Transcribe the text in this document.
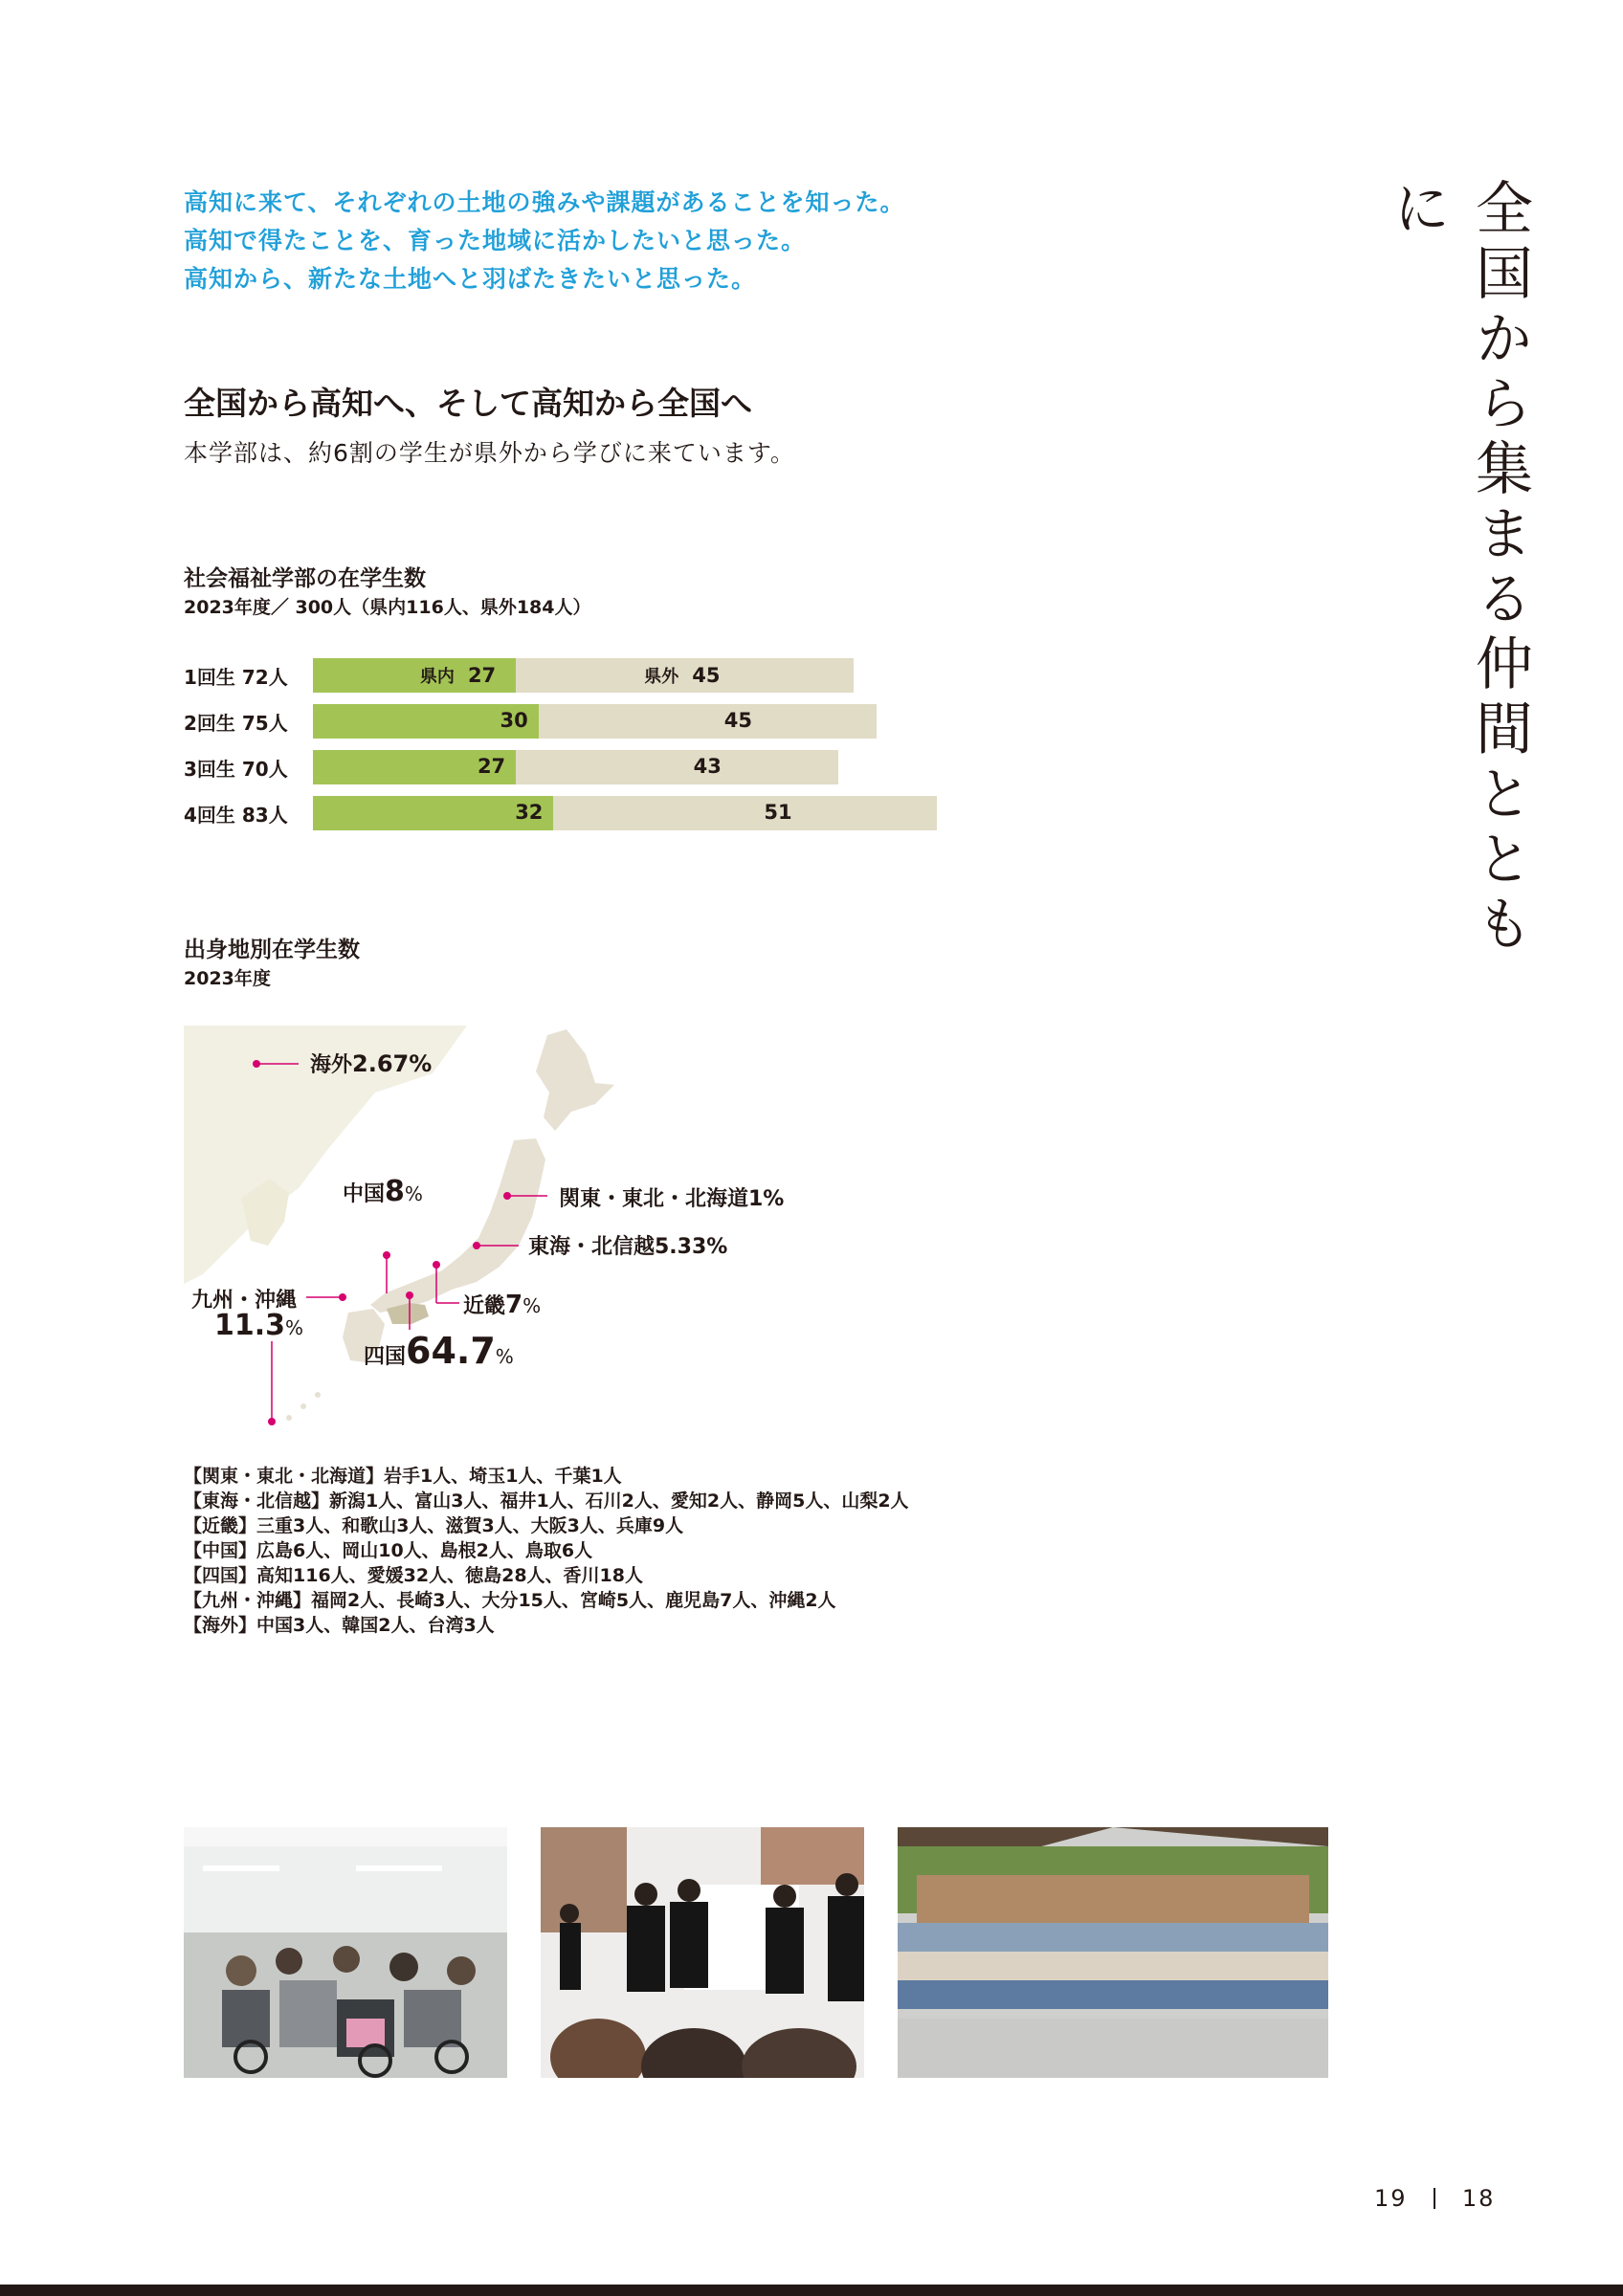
高知に来て、それぞれの土地の強みや課題があることを知った。
高知で得たことを、育った地域に活かしたいと思った。
高知から、新たな土地へと羽ばたきたいと思った。	全国から集まる仲間とともに
全国から高知へ、そして高知から全国へ
本学部は、約6割の学生が県外から学びに来ています。
社会福祉学部の在学生数
2023年度／ 300人（県内116人、県外184人）
1回生 72人	県内 27	県外 45
2回生 75人	30	45
3回生 70人	27	43
4回生 83人	32	51
出身地別在学生数
2023年度
海外2.67%
中国8%	関東・東北・北海道1%
東海・北信越5.33%
近畿7%
四国64.7%
九州・沖縄
11.3%
【関東・東北・北海道】岩手1人、埼玉1人、千葉1人
【東海・北信越】新潟1人、富山3人、福井1人、石川2人、愛知2人、静岡5人、山梨2人
【近畿】三重3人、和歌山3人、滋賀3人、大阪3人、兵庫9人
【中国】広島6人、岡山10人、島根2人、鳥取6人
【四国】高知116人、愛媛32人、徳島28人、香川18人
【九州・沖縄】福岡2人、長崎3人、大分15人、宮崎5人、鹿児島7人、沖縄2人
【海外】中国3人、韓国2人、台湾3人
19 18
